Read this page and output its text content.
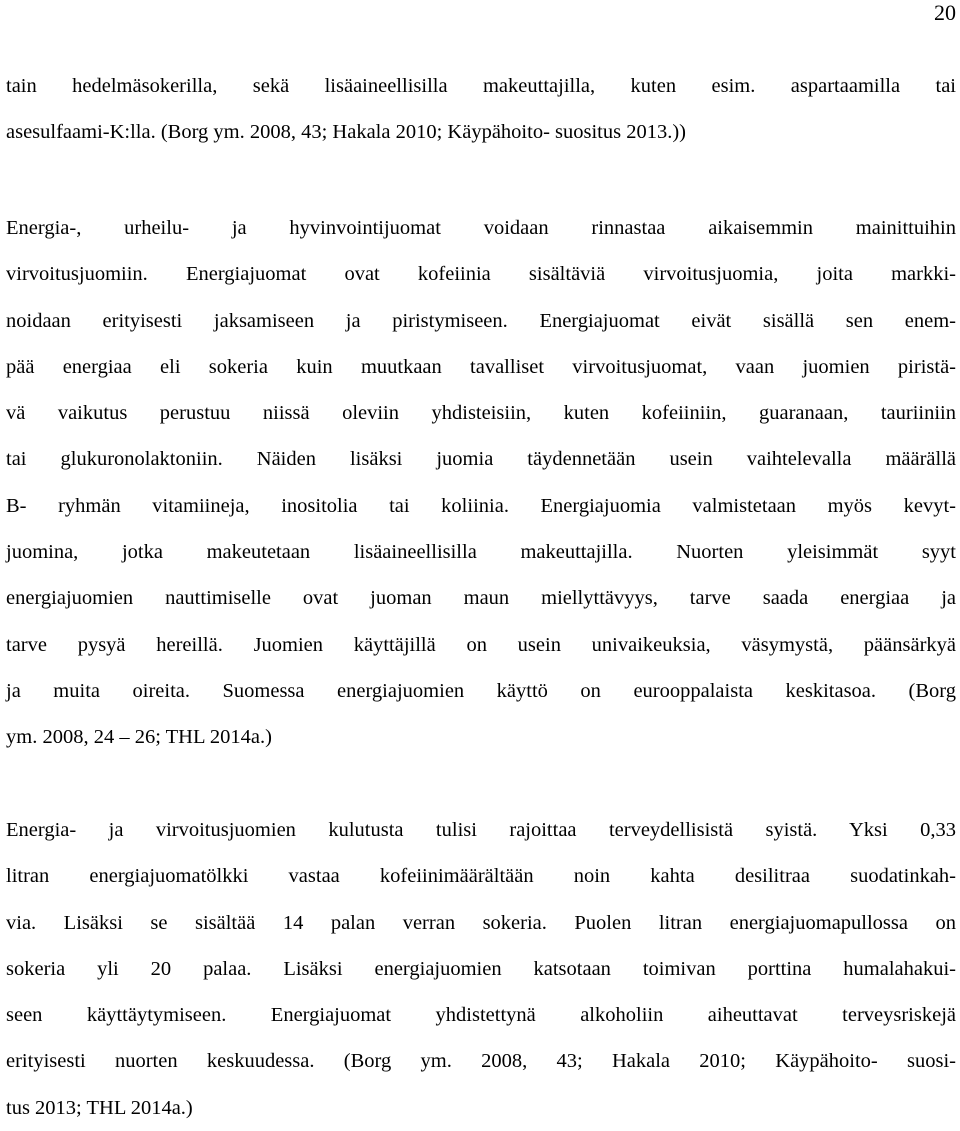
20
tain hedelmäsokerilla, sekä lisäaineellisilla makeuttajilla, kuten esim. aspartaamilla tai
asesulfaami-K:lla. (Borg ym. 2008, 43; Hakala 2010; Käypähoito- suositus 2013.))
Energia-, urheilu- ja hyvinvointijuomat voidaan rinnastaa aikaisemmin mainittuihin
virvoitusjuomiin. Energiajuomat ovat kofeiinia sisältäviä virvoitusjuomia, joita markki-
noidaan erityisesti jaksamiseen ja piristymiseen. Energiajuomat eivät sisällä sen enem-
pää energiaa eli sokeria kuin muutkaan tavalliset virvoitusjuomat, vaan juomien piristä-
vä vaikutus perustuu niissä oleviin yhdisteisiin, kuten kofeiiniin, guaranaan, tauriiniin
tai glukuronolaktoniin. Näiden lisäksi juomia täydennetään usein vaihtelevalla määrällä
B- ryhmän vitamiineja, inositolia tai koliinia. Energiajuomia valmistetaan myös kevyt-
juomina, jotka makeutetaan lisäaineellisilla makeuttajilla. Nuorten yleisimmät syyt
energiajuomien nauttimiselle ovat juoman maun miellyttävyys, tarve saada energiaa ja
tarve pysyä hereillä. Juomien käyttäjillä on usein univaikeuksia, väsymystä, päänsärkyä
ja muita oireita. Suomessa energiajuomien käyttö on eurooppalaista keskitasoa. (Borg
ym. 2008, 24 – 26; THL 2014a.)
Energia- ja virvoitusjuomien kulutusta tulisi rajoittaa terveydellisistä syistä. Yksi 0,33
litran energiajuomatölkki vastaa kofeiinimäärältään noin kahta desilitraa suodatinkah-
via. Lisäksi se sisältää 14 palan verran sokeria. Puolen litran energiajuomapullossa on
sokeria yli 20 palaa. Lisäksi energiajuomien katsotaan toimivan porttina humalahakui-
seen käyttäytymiseen. Energiajuomat yhdistettynä alkoholiin aiheuttavat terveysriskejä
erityisesti nuorten keskuudessa. (Borg ym. 2008, 43; Hakala 2010; Käypähoito- suosi-
tus 2013; THL 2014a.)
